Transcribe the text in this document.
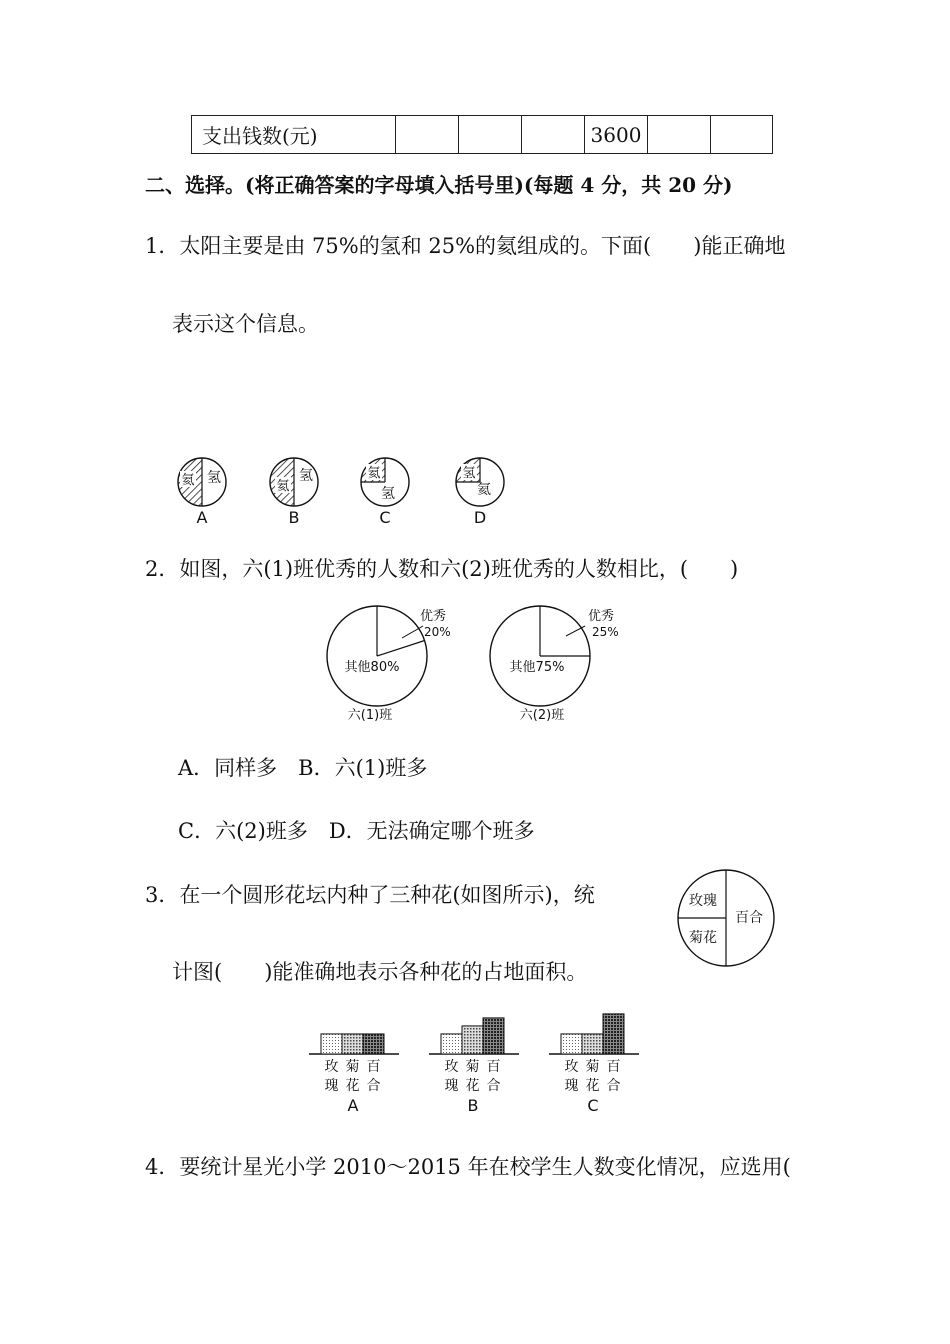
支出钱数(元)				3600		
二、选择。(将正确答案的字母填入括号里)(每题 4 分，共 20 分)
1．太阳主要是由 75%的氢和 25%的氦组成的。下面(　　)能正确地
表示这个信息。
氦 氢
A
氦
氢
B
氦
氢
C
氢
氦
D
2．如图，六(1)班优秀的人数和六(2)班优秀的人数相比，(　　)
优秀
20%
其他80%
六(1)班
优秀
25%
其他75%
六(2)班
A．同样多　B．六(1)班多
C．六(2)班多　D．无法确定哪个班多
3．在一个圆形花坛内种了三种花(如图所示)，统
计图(　　)能准确地表示各种花的占地面积。
玫瑰
菊花
百合
玫
瑰
菊
花
百
合
A
玫
瑰
菊
花
百
合
B
玫
瑰
菊
花
百
合
C
4．要统计星光小学 2010～2015 年在校学生人数变化情况，应选用(
